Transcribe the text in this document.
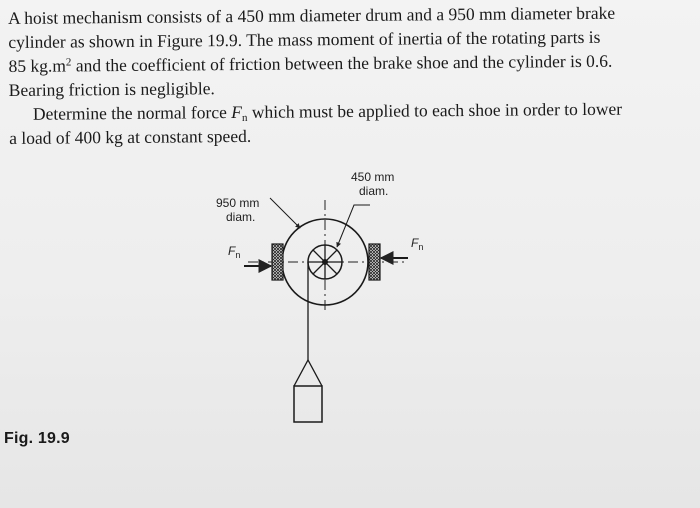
A hoist mechanism consists of a 450 mm diameter drum and a 950 mm diameter brake
cylinder as shown in Figure 19.9. The mass moment of inertia of the rotating parts is
85 $kg.m^2$ and the coefficient of friction between the brake shoe and the cylinder is 0.6.
Bearing friction is negligible.
Determine the normal force $F_n$ which must be applied to each shoe in order to lower
a load of 400 kg at constant speed.
450 mm
diam.
950 mm
diam.
$F_n$
$F_n$
Fig. 19.9
